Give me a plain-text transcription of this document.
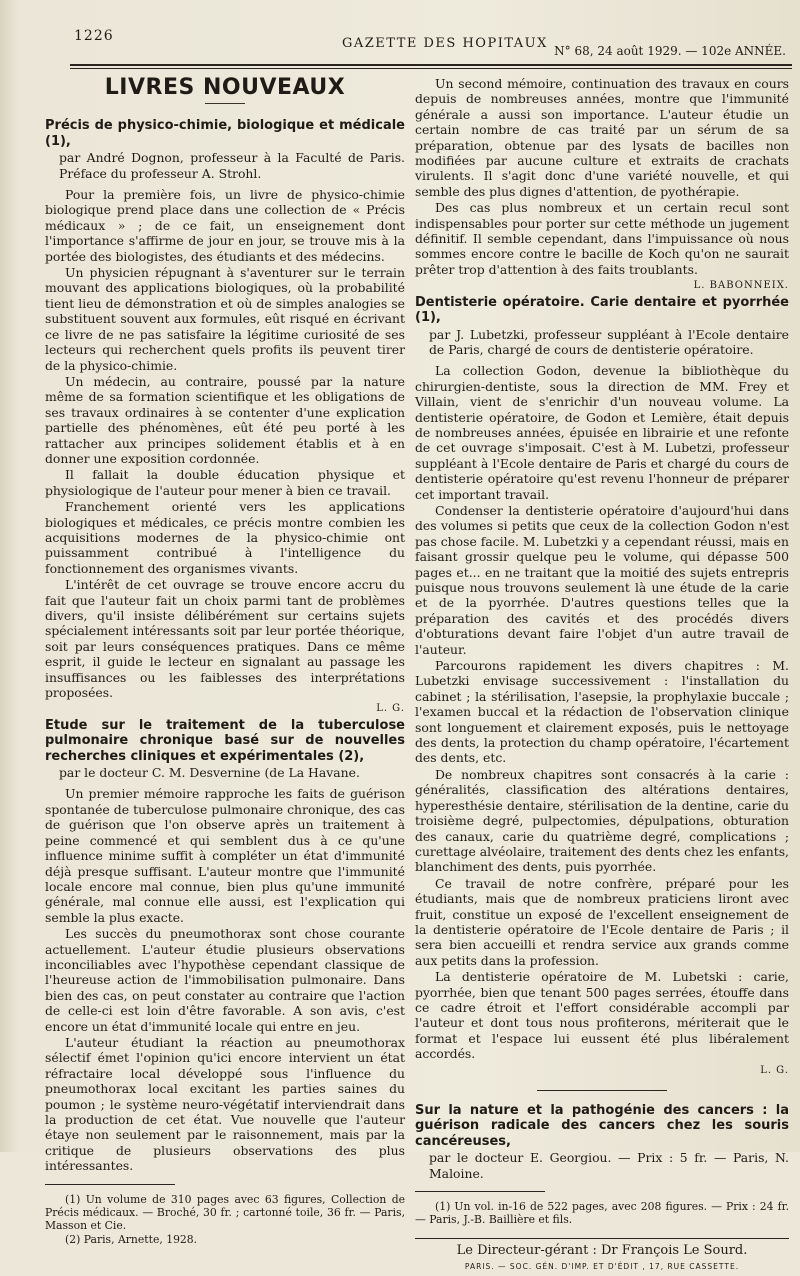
1226	GAZETTE DES HOPITAUX N° 68, 24 août 1929. — 102e ANNÉE.
LIVRES NOUVEAUX

Précis de physico-chimie, biologique et médicale (1),

par André Dognon, professeur à la Faculté de Paris. Préface du professeur A. Strohl.

Pour la première fois, un livre de physico-chimie biologique prend place dans une collection de « Précis médicaux » ; de ce fait, un enseignement dont l'importance s'affirme de jour en jour, se trouve mis à la portée des biologistes, des étudiants et des médecins.

Un physicien répugnant à s'aventurer sur le terrain mouvant des applications biologiques, où la probabilité tient lieu de démonstration et où de simples analogies se substituent souvent aux formules, eût risqué en écrivant ce livre de ne pas satisfaire la légitime curiosité de ses lecteurs qui recherchent quels profits ils peuvent tirer de la physico-chimie.

Un médecin, au contraire, poussé par la nature même de sa formation scientifique et les obligations de ses travaux ordinaires à se contenter d'une explication partielle des phénomènes, eût été peu porté à les rattacher aux principes solidement établis et à en donner une exposition cordonnée.

Il fallait la double éducation physique et physiologique de l'auteur pour mener à bien ce travail.

Franchement orienté vers les applications biologiques et médicales, ce précis montre combien les acquisitions modernes de la physico-chimie ont puissamment contribué à l'intelligence du fonctionnement des organismes vivants.

L'intérêt de cet ouvrage se trouve encore accru du fait que l'auteur fait un choix parmi tant de problèmes divers, qu'il insiste délibérément sur certains sujets spécialement intéressants soit par leur portée théorique, soit par leurs conséquences pratiques. Dans ce même esprit, il guide le lecteur en signalant au passage les insuffisances ou les faiblesses des interprétations proposées.

L. G.

Etude sur le traitement de la tuberculose pulmonaire chronique basé sur de nouvelles recherches cliniques et expérimentales (2),

par le docteur C. M. Desvernine (de La Havane.

Un premier mémoire rapproche les faits de guérison spontanée de tuberculose pulmonaire chronique, des cas de guérison que l'on observe après un traitement à peine commencé et qui semblent dus à ce qu'une influence minime suffit à compléter un état d'immunité déjà presque suffisant. L'auteur montre que l'immunité locale encore mal connue, bien plus qu'une immunité générale, mal connue elle aussi, est l'explication qui semble la plus exacte.

Les succès du pneumothorax sont chose courante actuellement. L'auteur étudie plusieurs observations inconciliables avec l'hypothèse cependant classique de l'heureuse action de l'immobilisation pulmonaire. Dans bien des cas, on peut constater au contraire que l'action de celle-ci est loin d'être favorable. A son avis, c'est encore un état d'immunité locale qui entre en jeu.

L'auteur étudiant la réaction au pneumothorax sélectif émet l'opinion qu'ici encore intervient un état réfractaire local développé sous l'influence du pneumothorax local excitant les parties saines du poumon ; le système neuro-végétatif interviendrait dans la production de cet état. Vue nouvelle que l'auteur étaye non seulement par le raisonnement, mais par la critique de plusieurs observations des plus intéressantes.

(1) Un volume de 310 pages avec 63 figures, Collection de Précis médicaux. — Broché, 30 fr. ; cartonné toile, 36 fr. — Paris, Masson et Cie.

(2) Paris, Arnette, 1928.

Un second mémoire, continuation des travaux en cours depuis de nombreuses années, montre que l'immunité générale a aussi son importance. L'auteur étudie un certain nombre de cas traité par un sérum de sa préparation, obtenue par des lysats de bacilles non modifiées par aucune culture et extraits de crachats virulents. Il s'agit donc d'une variété nouvelle, et qui semble des plus dignes d'attention, de pyothérapie.

Des cas plus nombreux et un certain recul sont indispensables pour porter sur cette méthode un jugement définitif. Il semble cependant, dans l'impuissance où nous sommes encore contre le bacille de Koch qu'on ne saurait prêter trop d'attention à des faits troublants.

L. BABONNEIX.

Dentisterie opératoire. Carie dentaire et pyorrhée (1),

par J. Lubetzki, professeur suppléant à l'Ecole dentaire de Paris, chargé de cours de dentisterie opératoire.

La collection Godon, devenue la bibliothèque du chirurgien-dentiste, sous la direction de MM. Frey et Villain, vient de s'enrichir d'un nouveau volume. La dentisterie opératoire, de Godon et Lemière, était depuis de nombreuses années, épuisée en librairie et une refonte de cet ouvrage s'imposait. C'est à M. Lubetzi, professeur suppléant à l'Ecole dentaire de Paris et chargé du cours de dentisterie opératoire qu'est revenu l'honneur de préparer cet important travail.

Condenser la dentisterie opératoire d'aujourd'hui dans des volumes si petits que ceux de la collection Godon n'est pas chose facile. M. Lubetzki y a cependant réussi, mais en faisant grossir quelque peu le volume, qui dépasse 500 pages et... en ne traitant que la moitié des sujets entrepris puisque nous trouvons seulement là une étude de la carie et de la pyorrhée. D'autres questions telles que la préparation des cavités et des procédés divers d'obturations devant faire l'objet d'un autre travail de l'auteur.

Parcourons rapidement les divers chapitres : M. Lubetzki envisage successivement : l'installation du cabinet ; la stérilisation, l'asepsie, la prophylaxie buccale ; l'examen buccal et la rédaction de l'observation clinique sont longuement et clairement exposés, puis le nettoyage des dents, la protection du champ opératoire, l'écartement des dents, etc.

De nombreux chapitres sont consacrés à la carie : généralités, classification des altérations dentaires, hyperesthésie dentaire, stérilisation de la dentine, carie du troisième degré, pulpectomies, dépulpations, obturation des canaux, carie du quatrième degré, complications ; curettage alvéolaire, traitement des dents chez les enfants, blanchiment des dents, puis pyorrhée.

Ce travail de notre confrère, préparé pour les étudiants, mais que de nombreux praticiens liront avec fruit, constitue un exposé de l'excellent enseignement de la dentisterie opératoire de l'Ecole dentaire de Paris ; il sera bien accueilli et rendra service aux grands comme aux petits dans la profession.

La dentisterie opératoire de M. Lubetski : carie, pyorrhée, bien que tenant 500 pages serrées, étouffe dans ce cadre étroit et l'effort considérable accompli par l'auteur et dont tous nous profiterons, mériterait que le format et l'espace lui eussent été plus libéralement accordés.

L. G.

Sur la nature et la pathogénie des cancers : la guérison radicale des cancers chez les souris cancéreuses,

par le docteur E. Georgiou. — Prix : 5 fr. — Paris, N. Maloine.

(1) Un vol. in-16 de 522 pages, avec 208 figures. — Prix : 24 fr. — Paris, J.-B. Baillière et fils.

Le Directeur-gérant : Dr François Le Sourd.

PARIS. — SOC. GÉN. D'IMP. ET D'ÉDIT , 17, RUE CASSETTE.
